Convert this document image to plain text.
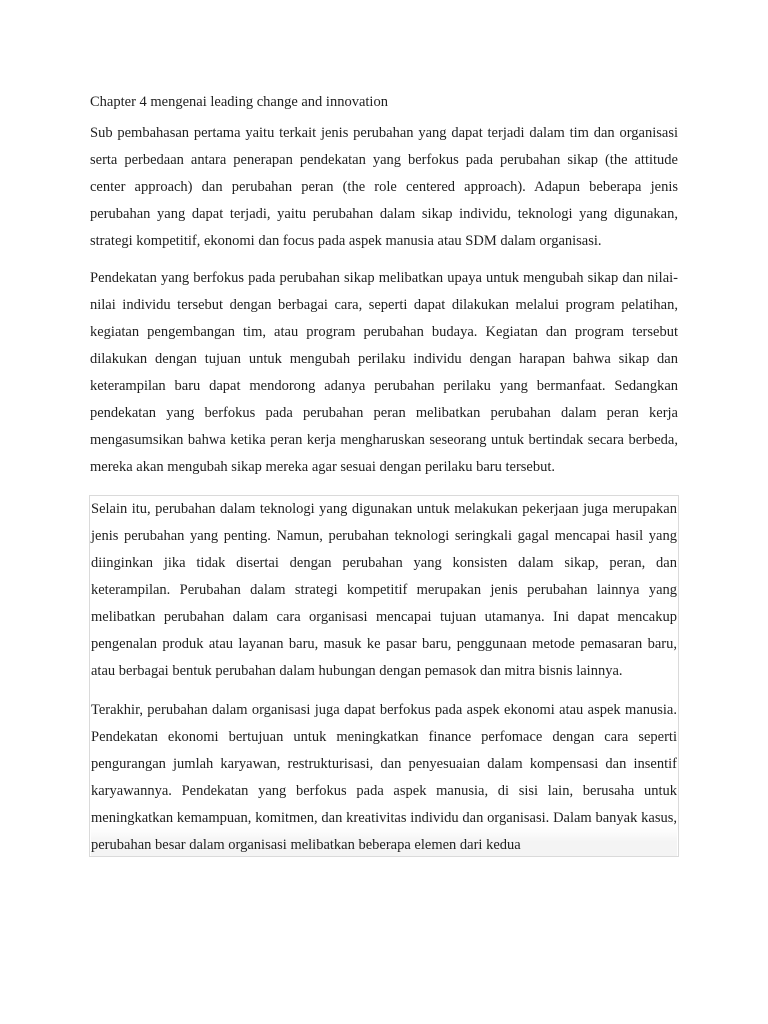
Chapter 4 mengenai leading change and innovation

Sub pembahasan pertama yaitu terkait jenis perubahan yang dapat terjadi dalam tim dan organisasi serta perbedaan antara penerapan pendekatan yang berfokus pada perubahan sikap (the attitude center approach) dan perubahan peran (the role centered approach). Adapun beberapa jenis perubahan yang dapat terjadi, yaitu perubahan dalam sikap individu, teknologi yang digunakan, strategi kompetitif, ekonomi dan focus pada aspek manusia atau SDM dalam organisasi.

Pendekatan yang berfokus pada perubahan sikap melibatkan upaya untuk mengubah sikap dan nilai-nilai individu tersebut dengan berbagai cara, seperti dapat dilakukan melalui program pelatihan, kegiatan pengembangan tim, atau program perubahan budaya. Kegiatan dan program tersebut dilakukan dengan tujuan untuk mengubah perilaku individu dengan harapan bahwa sikap dan keterampilan baru dapat mendorong adanya perubahan perilaku yang bermanfaat. Sedangkan pendekatan yang berfokus pada perubahan peran melibatkan perubahan dalam peran kerja mengasumsikan bahwa ketika peran kerja mengharuskan seseorang untuk bertindak secara berbeda, mereka akan mengubah sikap mereka agar sesuai dengan perilaku baru tersebut.

Selain itu, perubahan dalam teknologi yang digunakan untuk melakukan pekerjaan juga merupakan jenis perubahan yang penting. Namun, perubahan teknologi seringkali gagal mencapai hasil yang diinginkan jika tidak disertai dengan perubahan yang konsisten dalam sikap, peran, dan keterampilan. Perubahan dalam strategi kompetitif merupakan jenis perubahan lainnya yang melibatkan perubahan dalam cara organisasi mencapai tujuan utamanya. Ini dapat mencakup pengenalan produk atau layanan baru, masuk ke pasar baru, penggunaan metode pemasaran baru, atau berbagai bentuk perubahan dalam hubungan dengan pemasok dan mitra bisnis lainnya.

Terakhir, perubahan dalam organisasi juga dapat berfokus pada aspek ekonomi atau aspek manusia. Pendekatan ekonomi bertujuan untuk meningkatkan finance perfomace dengan cara seperti pengurangan jumlah karyawan, restrukturisasi, dan penyesuaian dalam kompensasi dan insentif karyawannya. Pendekatan yang berfokus pada aspek manusia, di sisi lain, berusaha untuk meningkatkan kemampuan, komitmen, dan kreativitas individu dan organisasi. Dalam banyak kasus, perubahan besar dalam organisasi melibatkan beberapa elemen dari kedua
